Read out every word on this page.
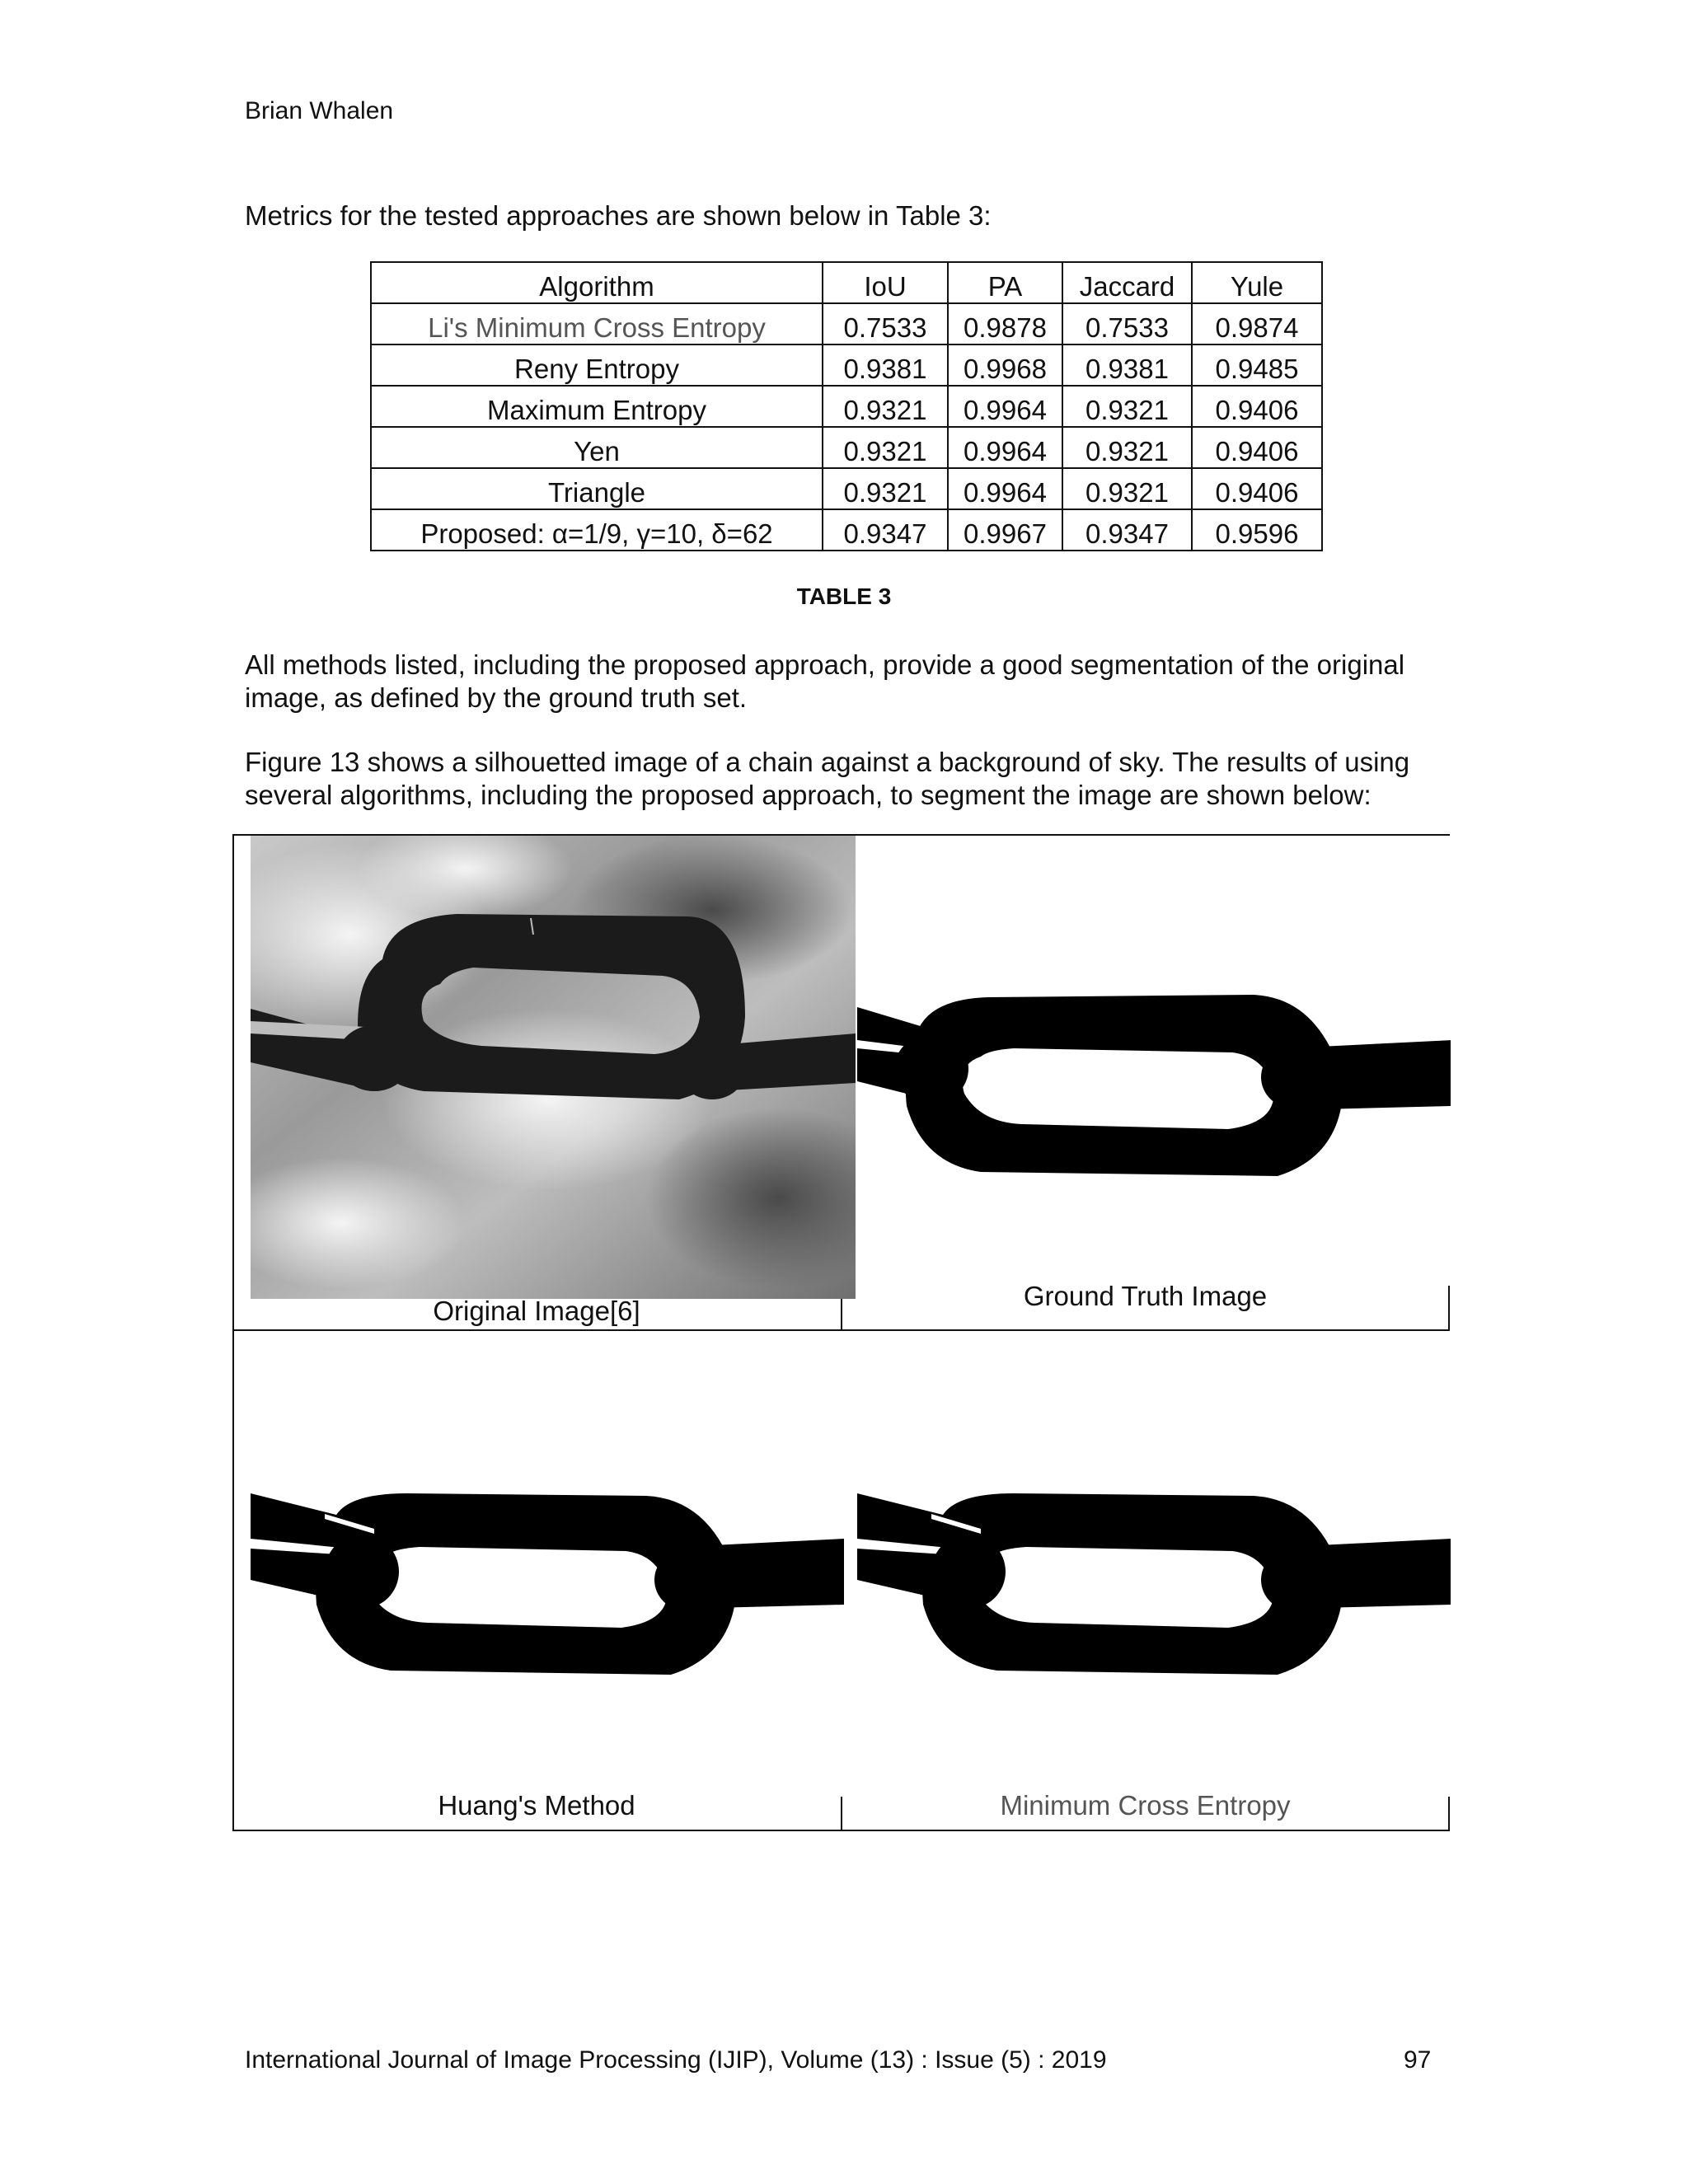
Brian Whalen
Metrics for the tested approaches are shown below in Table 3:
Algorithm	IoU	PA	Jaccard	Yule
Li's Minimum Cross Entropy	0.7533	0.9878	0.7533	0.9874
Reny Entropy	0.9381	0.9968	0.9381	0.9485
Maximum Entropy	0.9321	0.9964	0.9321	0.9406
Yen	0.9321	0.9964	0.9321	0.9406
Triangle	0.9321	0.9964	0.9321	0.9406
Proposed: α=1/9, γ=10, δ=62	0.9347	0.9967	0.9347	0.9596
TABLE 3
All methods listed, including the proposed approach, provide a good segmentation of the original image, as defined by the ground truth set.
Figure 13 shows a silhouetted image of a chain against a background of sky. The results of using several algorithms, including the proposed approach, to segment the image are shown below:
Original Image[6]	Ground Truth Image
Huang's Method	Minimum Cross Entropy
International Journal of Image Processing (IJIP), Volume (13) : Issue (5) : 2019	97
